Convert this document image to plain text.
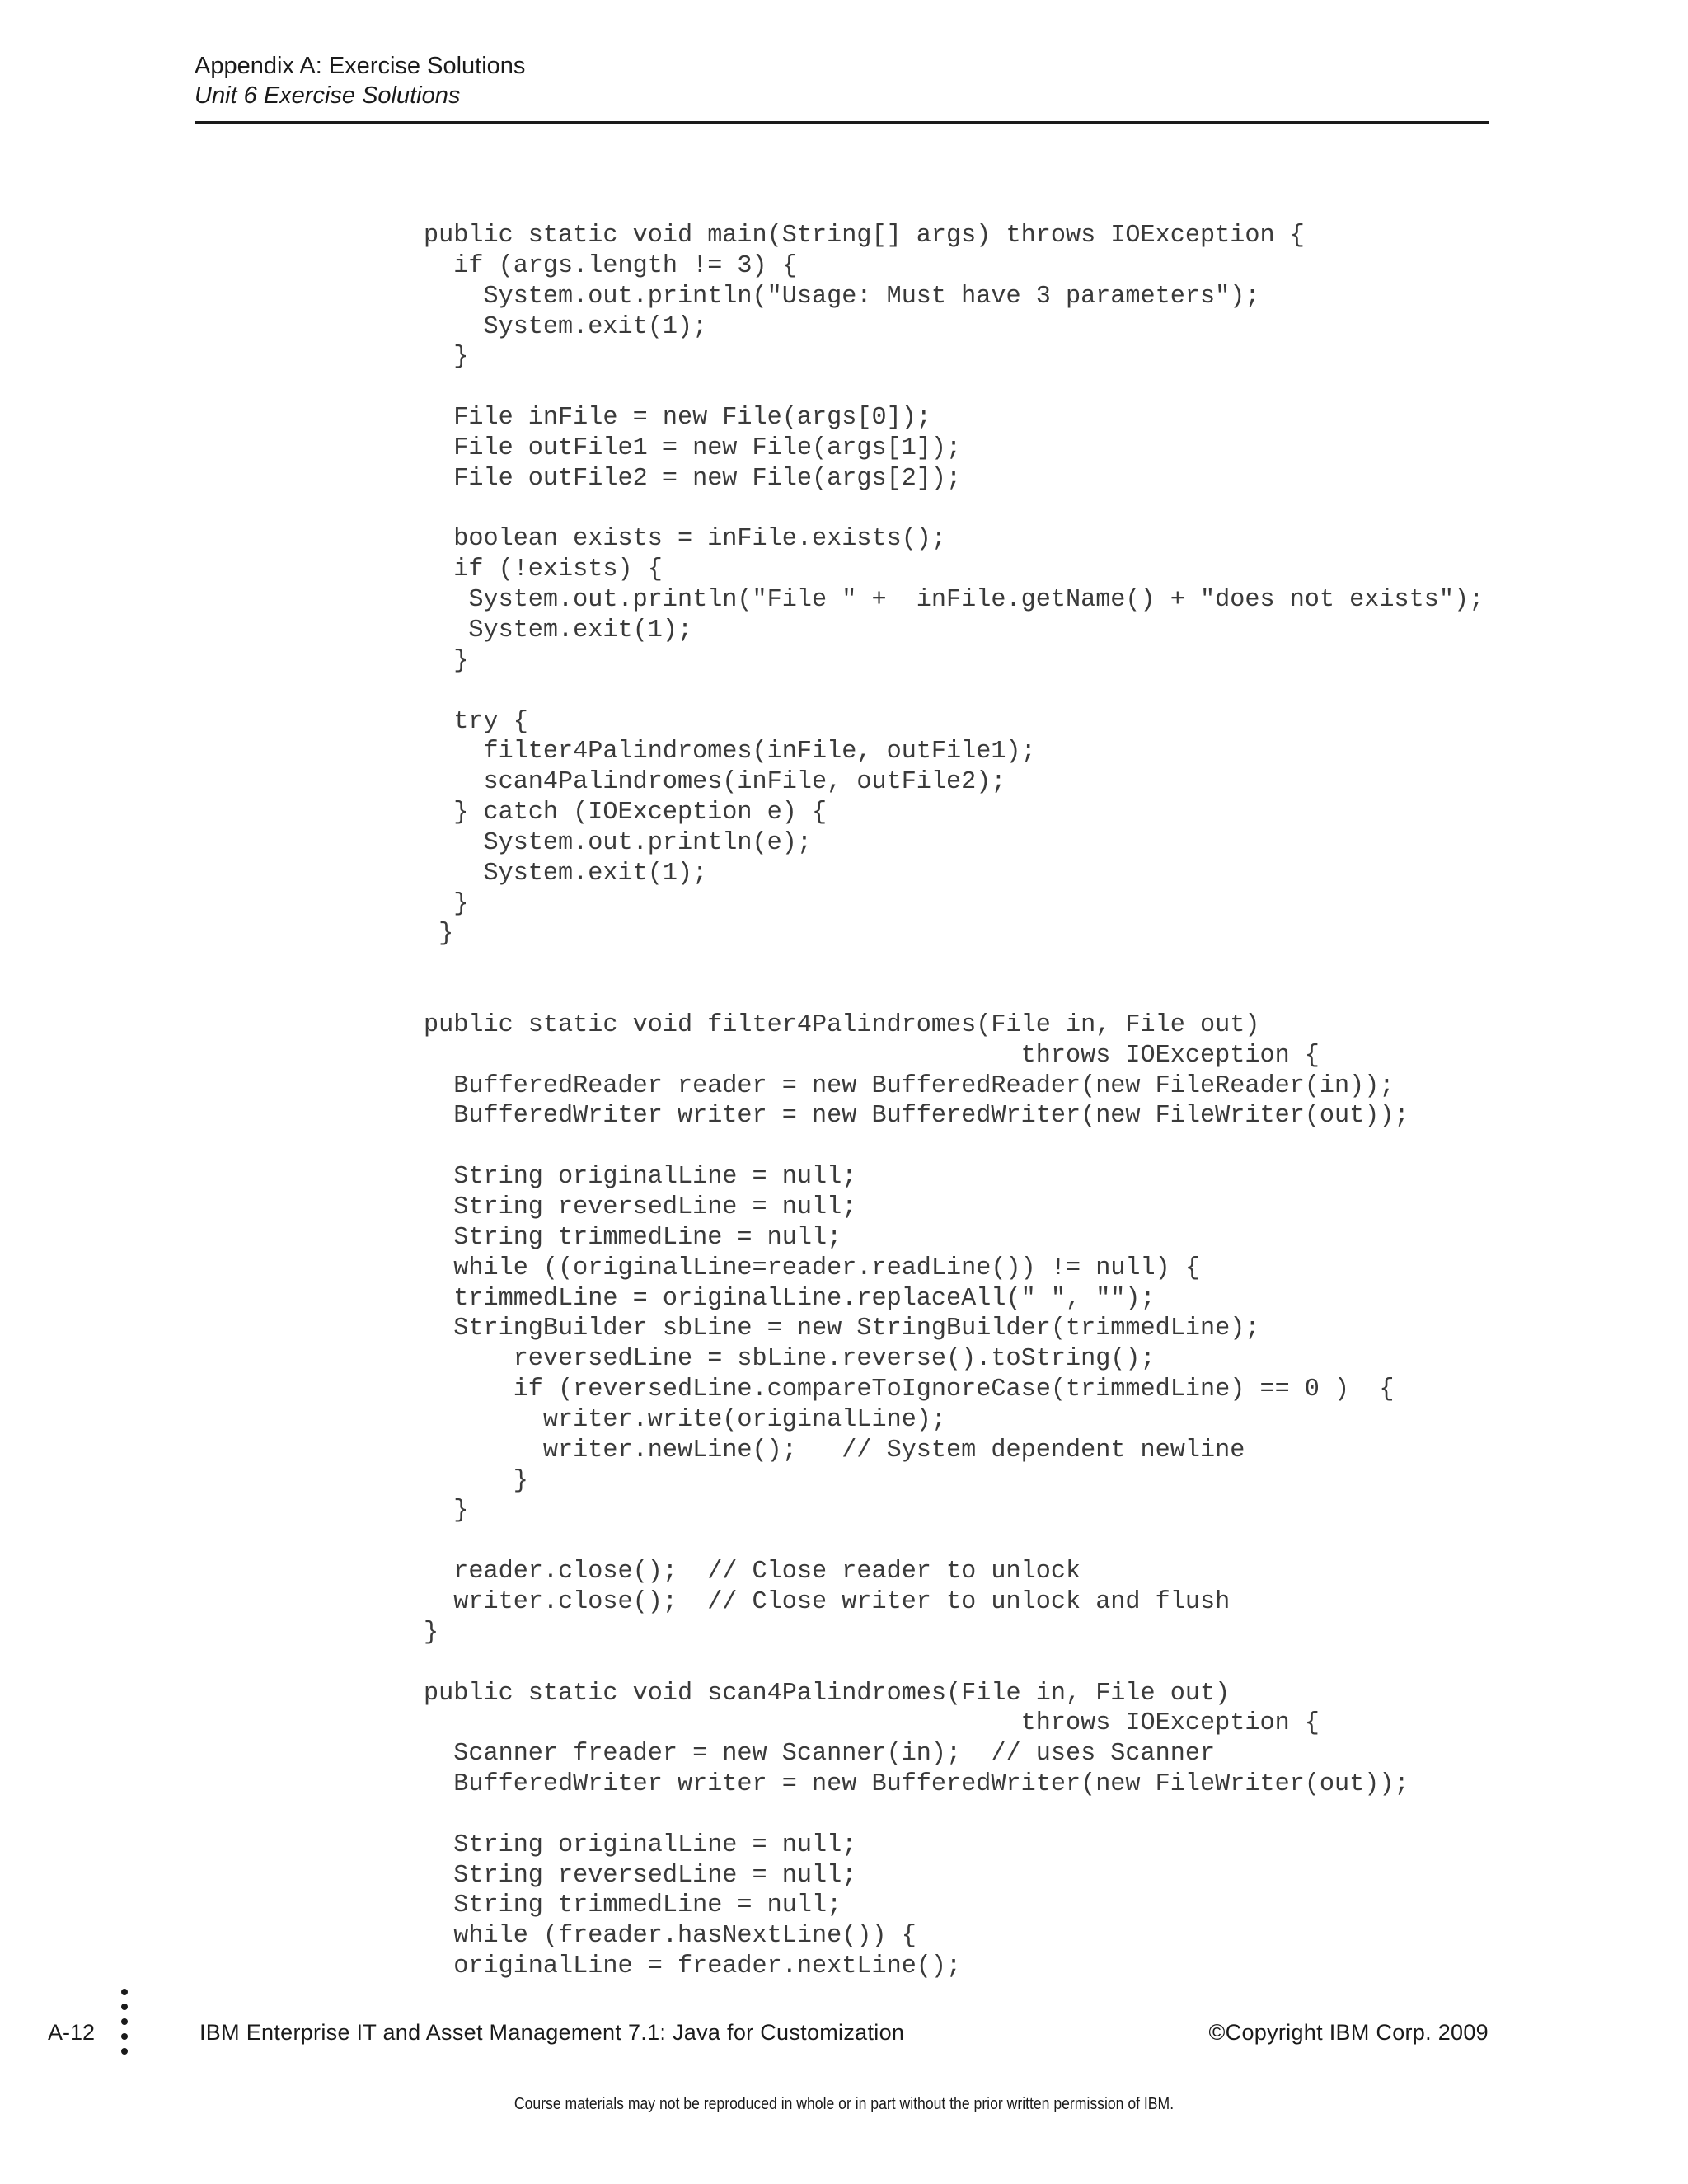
Appendix A: Exercise Solutions
Unit 6 Exercise Solutions
public static void main(String[] args) throws IOException {
if (args.length != 3) {
System.out.println("Usage: Must have 3 parameters");
System.exit(1);
}
File inFile = new File(args[0]);
File outFile1 = new File(args[1]);
File outFile2 = new File(args[2]);
boolean exists = inFile.exists();
if (!exists) {
System.out.println("File " +  inFile.getName() + "does not exists");
System.exit(1);
}
try {
filter4Palindromes(inFile, outFile1);
scan4Palindromes(inFile, outFile2);
} catch (IOException e) {
System.out.println(e);
System.exit(1);
}
}
public static void filter4Palindromes(File in, File out)
throws IOException {
BufferedReader reader = new BufferedReader(new FileReader(in));
BufferedWriter writer = new BufferedWriter(new FileWriter(out));
String originalLine = null;
String reversedLine = null;
String trimmedLine = null;
while ((originalLine=reader.readLine()) != null) {
trimmedLine = originalLine.replaceAll(" ", "");
StringBuilder sbLine = new StringBuilder(trimmedLine);
reversedLine = sbLine.reverse().toString();
if (reversedLine.compareToIgnoreCase(trimmedLine) == 0 )  {
writer.write(originalLine);
writer.newLine();   // System dependent newline
}
}
reader.close();  // Close reader to unlock
writer.close();  // Close writer to unlock and flush
}
public static void scan4Palindromes(File in, File out)
throws IOException {
Scanner freader = new Scanner(in);  // uses Scanner
BufferedWriter writer = new BufferedWriter(new FileWriter(out));
String originalLine = null;
String reversedLine = null;
String trimmedLine = null;
while (freader.hasNextLine()) {
originalLine = freader.nextLine();
A-12	IBM Enterprise IT and Asset Management 7.1: Java for Customization	©Copyright IBM Corp. 2009
Course materials may not be reproduced in whole or in part without the prior written permission of IBM.
